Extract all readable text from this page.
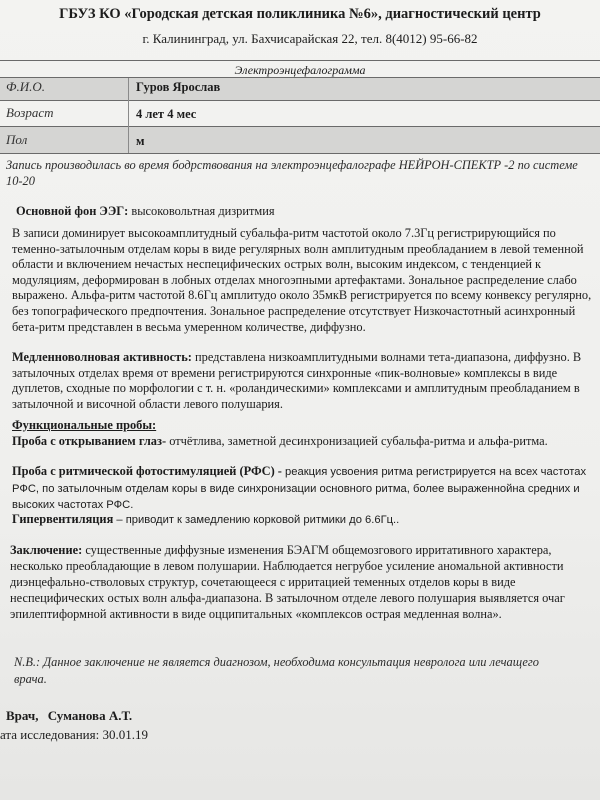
ГБУЗ КО «Городская детская поликлиника №6», диагностический центр
г. Калининград, ул. Бахчисарайская 22, тел. 8(4012) 95-66-82
Электроэнцефалограмма
Ф.И.О.	Гуров Ярослав
Возраст	4 лет 4 мес
Пол	м
Запись производилась во время бодрствования на электроэнцефалографе НЕЙРОН-СПЕКТР -2 по системе 10-20
Основной фон ЭЭГ: высоковольтная дизритмия
В записи доминирует высокоамплитудный субальфа-ритм частотой около 7.3Гц регистрирующийся по теменно-затылочным отделам коры в виде регулярных волн амплитудным преобладанием в левой теменной области и включением нечастых неспецифических острых волн, высоким индексом, с тенденцией к модуляциям, деформирован в лобных отделах многоэпными артефактами. Зональное распределение слабо выражено. Альфа-ритм частотой 8.6Гц амплитудо около 35мкВ регистрируется по всему конвексу регулярно, без топографического предпочтения. Зональное распределение отсутствует Низкочастотный асинхронный бета-ритм представлен в весьма умеренном количестве, диффузно.
Медленноволновая активность: представлена низкоамплитудными волнами тета-диапазона, диффузно. В затылочных отделах время от времени регистрируются синхронные «пик-волновые» комплексы в виде дуплетов, сходные по морфологии с т. н. «роландическими» комплексами и амплитудным преобладанием в затылочной и височной области левого полушария.
Функциональные пробы:
Проба с открыванием глаз- отчётлива, заметной десинхронизацией субальфа-ритма и альфа-ритма.
Проба с ритмической фотостимуляцией (РФС) - реакция усвоения ритма регистрируется на всех частотах РФС, по затылочным отделам коры в виде синхронизации основного ритма, более выраженнойна средних и высоких частотах РФС.
Гипервентиляция – приводит к замедлению корковой ритмики до 6.6Гц..
Заключение: существенные диффузные изменения БЭАГМ общемозгового ирритативного характера, несколько преобладающие в левом полушарии. Наблюдается негрубое усиление аномальной активности диэнцефально-стволовых структур, сочетающееся с ирритацией теменных отделов коры в виде неспецифических остых волн альфа-диапазона. В затылочном отделе левого полушария выявляется очаг эпилептиформной активности в виде оцципитальных «комплексов острая медленная волна».
N.B.: Данное заключение не является диагнозом, необходима консультация невролога или лечащего врача.
Врач, Суманова А.Т.
ата исследования: 30.01.19
